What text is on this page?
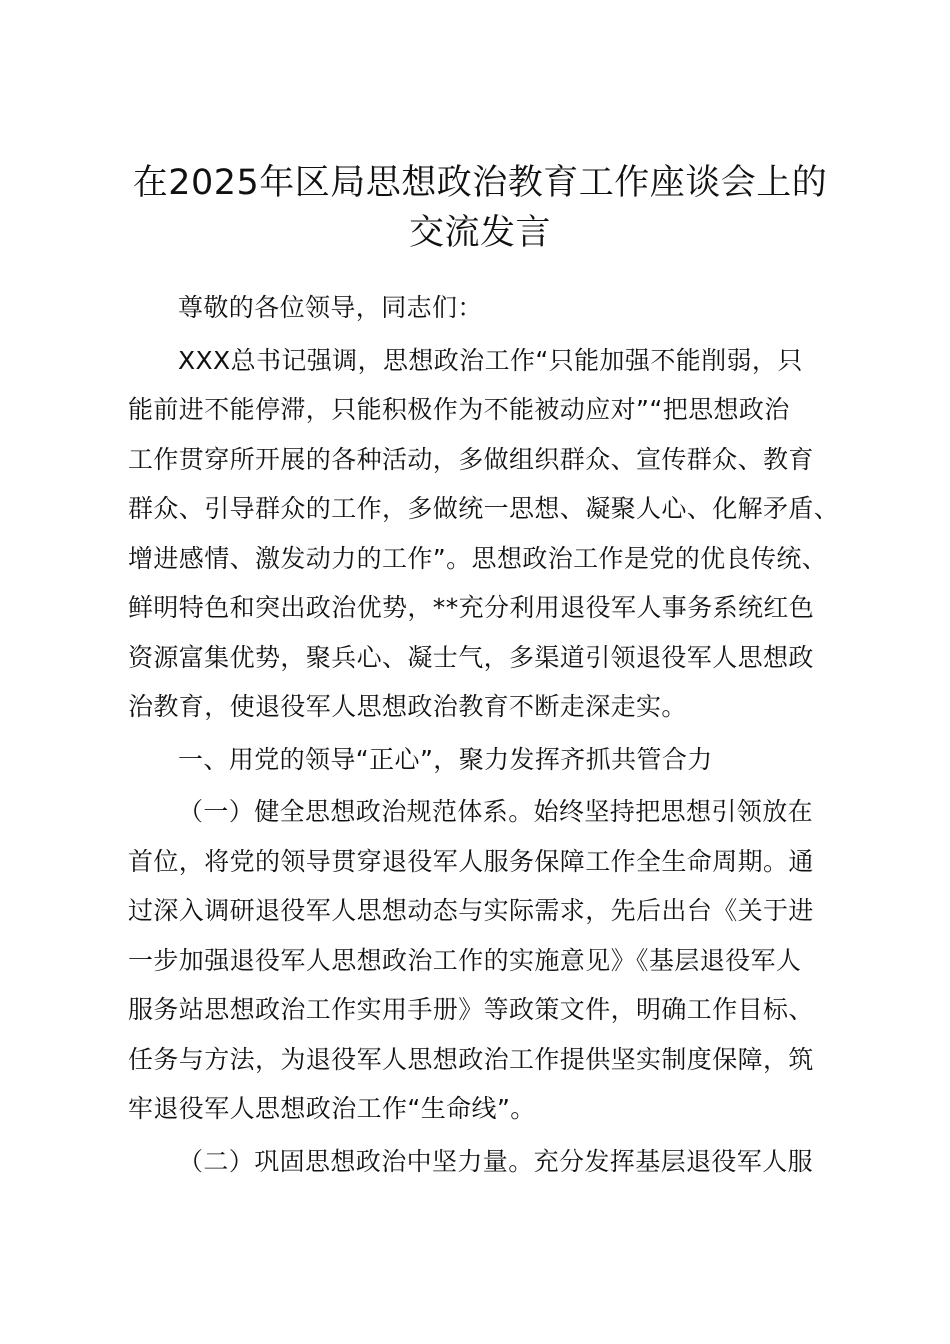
在2025年区局思想政治教育工作座谈会上的
交流发言
尊敬的各位领导，同志们：
XXX总书记强调，思想政治工作“只能加强不能削弱，只
能前进不能停滞，只能积极作为不能被动应对”“把思想政治
工作贯穿所开展的各种活动，多做组织群众、宣传群众、教育
群众、引导群众的工作，多做统一思想、凝聚人心、化解矛盾、
增进感情、激发动力的工作”。思想政治工作是党的优良传统、
鲜明特色和突出政治优势，**充分利用退役军人事务系统红色
资源富集优势，聚兵心、凝士气，多渠道引领退役军人思想政
治教育，使退役军人思想政治教育不断走深走实。
一、用党的领导“正心”，聚力发挥齐抓共管合力
（一）健全思想政治规范体系。始终坚持把思想引领放在
首位，将党的领导贯穿退役军人服务保障工作全生命周期。通
过深入调研退役军人思想动态与实际需求，先后出台《关于进
一步加强退役军人思想政治工作的实施意见》《基层退役军人
服务站思想政治工作实用手册》等政策文件，明确工作目标、
任务与方法，为退役军人思想政治工作提供坚实制度保障，筑
牢退役军人思想政治工作“生命线”。
（二）巩固思想政治中坚力量。充分发挥基层退役军人服
